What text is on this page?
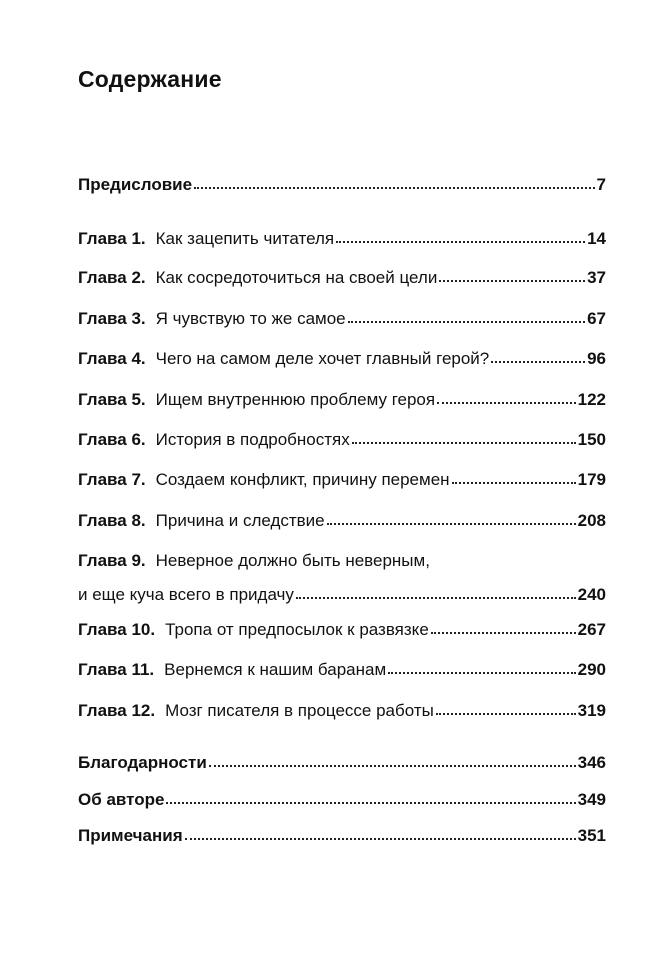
Содержание
Предисловие	7
Глава 1. Как зацепить читателя	14
Глава 2. Как сосредоточиться на своей цели	37
Глава 3. Я чувствую то же самое	67
Глава 4. Чего на самом деле хочет главный герой?	96
Глава 5. Ищем внутреннюю проблему героя	122
Глава 6. История в подробностях	150
Глава 7. Создаем конфликт, причину перемен	179
Глава 8. Причина и следствие	208
Глава 9. Неверное должно быть неверным,
и еще куча всего в придачу	240
Глава 10. Тропа от предпосылок к развязке	267
Глава 11. Вернемся к нашим баранам	290
Глава 12. Мозг писателя в процессе работы	319
Благодарности	346
Об авторе	349
Примечания	351
